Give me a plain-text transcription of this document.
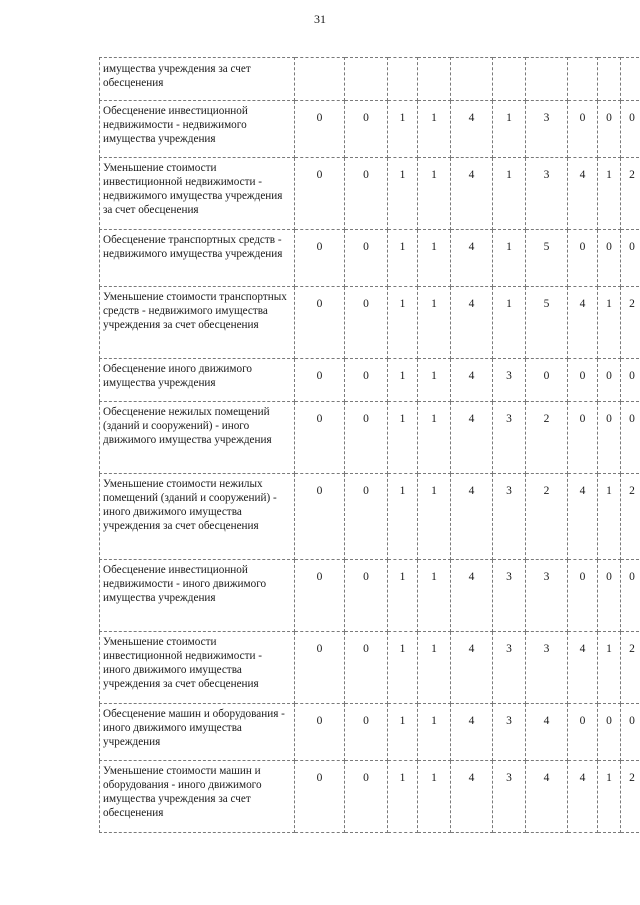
31
имущества учреждения за счет обесценения										
Обесценение инвестиционной недвижимости - недвижимого имущества учреждения	0	0	1	1	4	1	3	0	0	0
Уменьшение стоимости инвестиционной недвижимости - недвижимого имущества учреждения за счет обесценения	0	0	1	1	4	1	3	4	1	2
Обесценение транспортных средств - недвижимого имущества учреждения	0	0	1	1	4	1	5	0	0	0
Уменьшение стоимости транспортных средств - недвижимого имущества учреждения за счет обесценения	0	0	1	1	4	1	5	4	1	2
Обесценение иного движимого имущества учреждения	0	0	1	1	4	3	0	0	0	0
Обесценение нежилых помещений (зданий и сооружений) - иного движимого имущества учреждения	0	0	1	1	4	3	2	0	0	0
Уменьшение стоимости нежилых помещений (зданий и сооружений) - иного движимого имущества учреждения за счет обесценения	0	0	1	1	4	3	2	4	1	2
Обесценение инвестиционной недвижимости - иного движимого имущества учреждения	0	0	1	1	4	3	3	0	0	0
Уменьшение стоимости инвестиционной недвижимости - иного движимого имущества учреждения за счет обесценения	0	0	1	1	4	3	3	4	1	2
Обесценение машин и оборудования - иного движимого имущества учреждения	0	0	1	1	4	3	4	0	0	0
Уменьшение стоимости машин и оборудования - иного движимого имущества учреждения за счет обесценения	0	0	1	1	4	3	4	4	1	2
